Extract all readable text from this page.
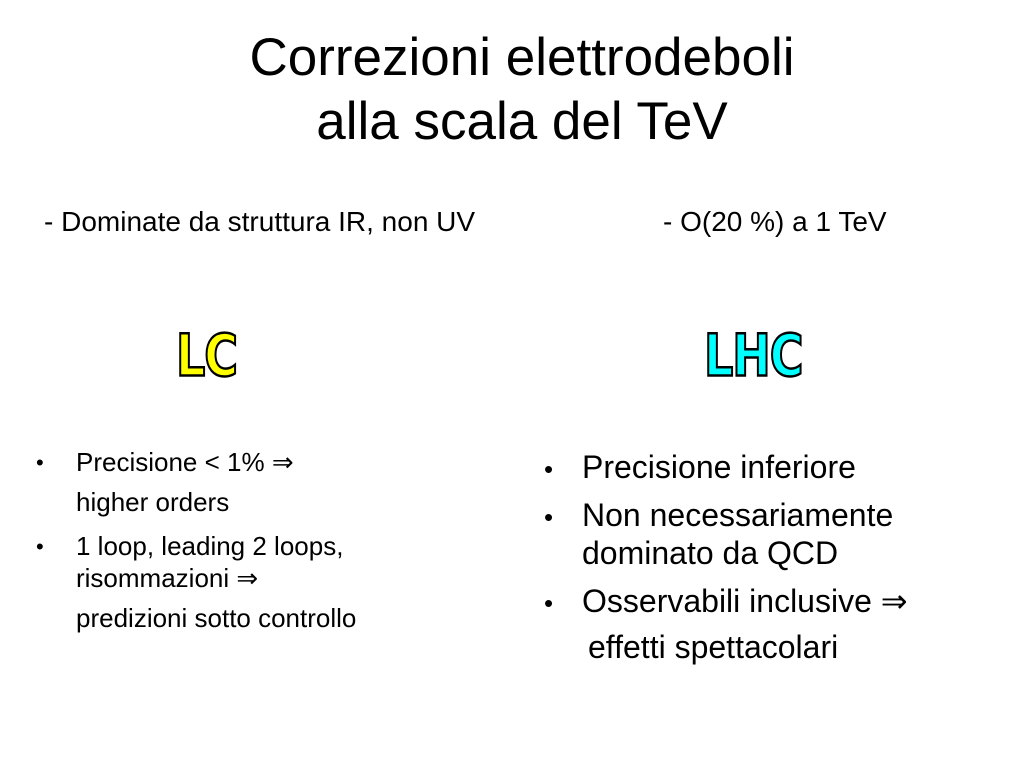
Correzioni elettrodeboli
alla scala del TeV
- Dominate da struttura IR, non UV	- O(20 %) a 1 TeV
LC	LHC
• Precisione < 1% ⇒
higher orders
• 1 loop, leading 2 loops, risommazioni ⇒
predizioni sotto controllo
• Precisione inferiore
• Non necessariamente dominato da QCD
• Osservabili inclusive ⇒
effetti spettacolari
